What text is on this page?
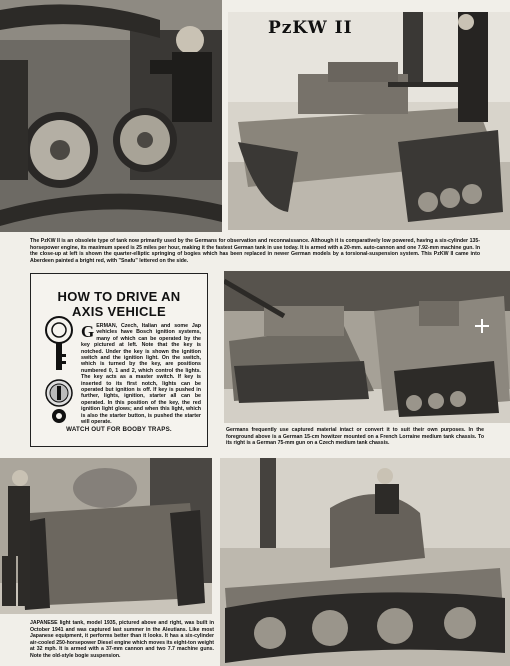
PzKW II
The PzKW II is an obsolete type of tank now primarily used by the Germans for observation and reconnaissance. Although it is comparatively low powered, having a six-cylinder 135-horsepower engine, its maximum speed is 25 miles per hour, making it the fastest German tank in use today. It is armed with a 20-mm. auto-cannon and one 7.92-mm machine gun. In the close-up at left is shown the quarter-elliptic springing of bogies which has been replaced in newer German models by a torsional-suspension system. This PzKW II came into Aberdeen painted a bright red, with "Snafu" lettered on the side.
HOW TO DRIVE AN
AXIS VEHICLE
GERMAN, Czech, Italian and some Jap vehicles have Bosch ignition systems, many of which can be operated by the key pictured at left. Note that the key is notched. Under the key is shown the ignition switch and the ignition light. On the switch, which is turned by the key, are positions numbered 0, 1 and 2, which control the lights. The key acts as a master switch. If key is inserted to its first notch, lights can be operated but ignition is off. If key is pushed in further, lights, ignition, starter all can be operated. In this position of the key, the red ignition light glows; and when this light, which is also the starter button, is pushed the starter will operate.
WATCH OUT FOR BOOBY TRAPS.	Germans frequently use captured material intact or convert it to suit their own purposes. In the foreground above is a German 15-cm howitzer mounted on a French Lorraine medium tank chassis. To its right is a German 75-mm gun on a Czech medium tank chassis.
JAPANESE light tank, model 1935, pictured above and right, was built in October 1941 and was captured last summer in the Aleutians. Like most Japanese equipment, it performs better than it looks. It has a six-cylinder air-cooled 250-horsepower Diesel engine which moves its eight-ton weight at 32 mph. It is armed with a 37-mm cannon and two 7.7 machine guns. Note the old-style bogie suspension.
